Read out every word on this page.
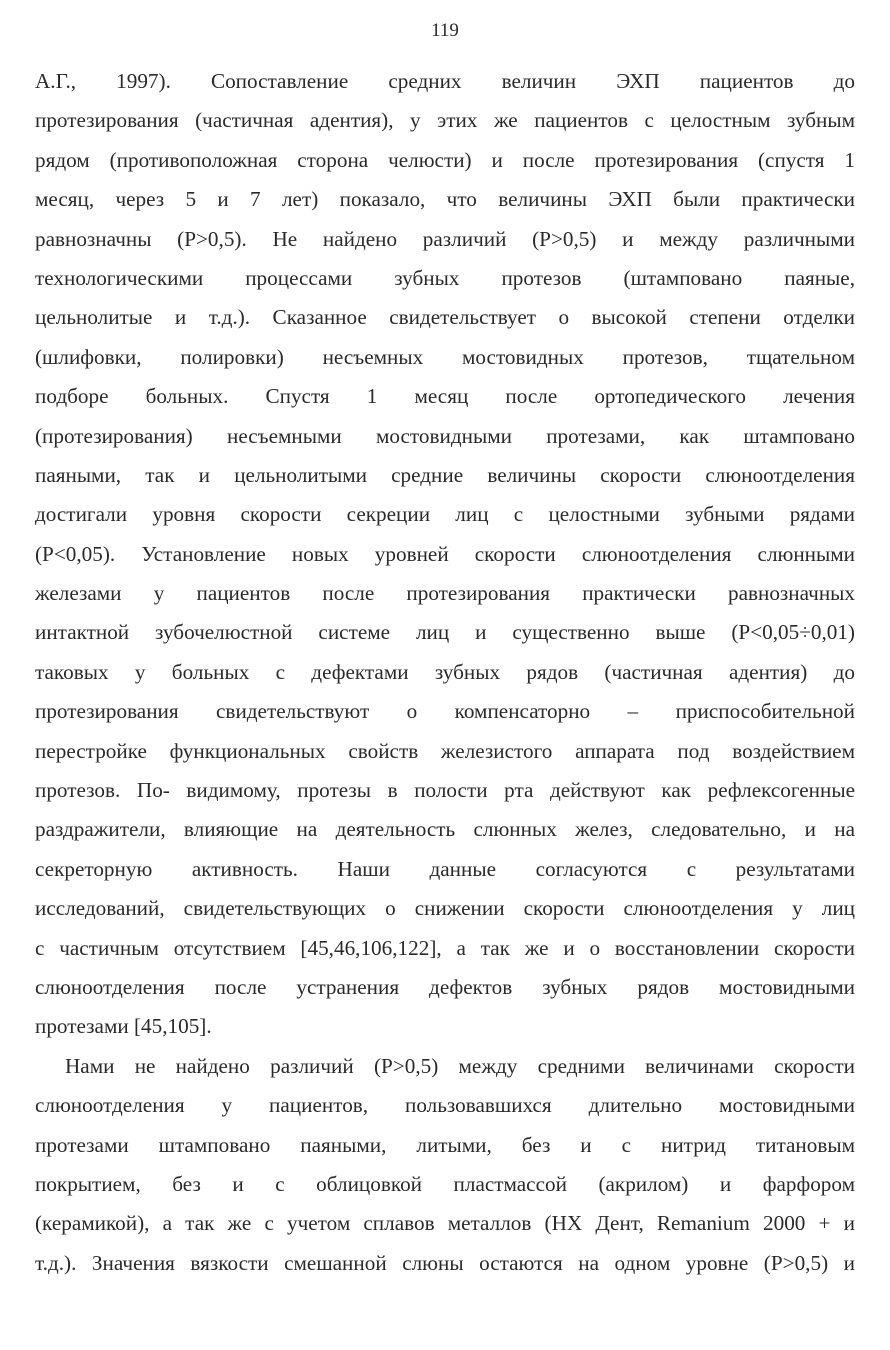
119
А.Г., 1997). Сопоставление средних величин ЭХП пациентов до
протезирования (частичная адентия), у этих же пациентов с целостным зубным
рядом (противоположная сторона челюсти) и после протезирования (спустя 1
месяц, через 5 и 7 лет) показало, что величины ЭХП были практически
равнозначны (P>0,5). Не найдено различий (P>0,5) и между различными
технологическими процессами зубных протезов (штамповано паяные,
цельнолитые и т.д.). Сказанное свидетельствует о высокой степени отделки
(шлифовки, полировки) несъемных мостовидных протезов, тщательном
подборе больных. Спустя 1 месяц после ортопедического лечения
(протезирования) несъемными мостовидными протезами, как штамповано
паяными, так и цельнолитыми средние величины скорости слюноотделения
достигали уровня скорости секреции лиц с целостными зубными рядами
(P<0,05). Установление новых уровней скорости слюноотделения слюнными
железами у пациентов после протезирования практически равнозначных
интактной зубочелюстной системе лиц и существенно выше (P<0,05÷0,01)
таковых у больных с дефектами зубных рядов (частичная адентия) до
протезирования свидетельствуют о компенсаторно – приспособительной
перестройке функциональных свойств железистого аппарата под воздействием
протезов. По- видимому, протезы в полости рта действуют как рефлексогенные
раздражители, влияющие на деятельность слюнных желез, следовательно, и на
секреторную активность. Наши данные согласуются с результатами
исследований, свидетельствующих о снижении скорости слюноотделения у лиц
с частичным отсутствием [45,46,106,122], а так же и о восстановлении скорости
слюноотделения после устранения дефектов зубных рядов мостовидными
протезами [45,105].
Нами не найдено различий (P>0,5) между средними величинами скорости
слюноотделения у пациентов, пользовавшихся длительно мостовидными
протезами штамповано паяными, литыми, без и с нитрид титановым
покрытием, без и с облицовкой пластмассой (акрилом) и фарфором
(керамикой), а так же с учетом сплавов металлов (НХ Дент, Remanium 2000 + и
т.д.). Значения вязкости смешанной слюны остаются на одном уровне (P>0,5) и
